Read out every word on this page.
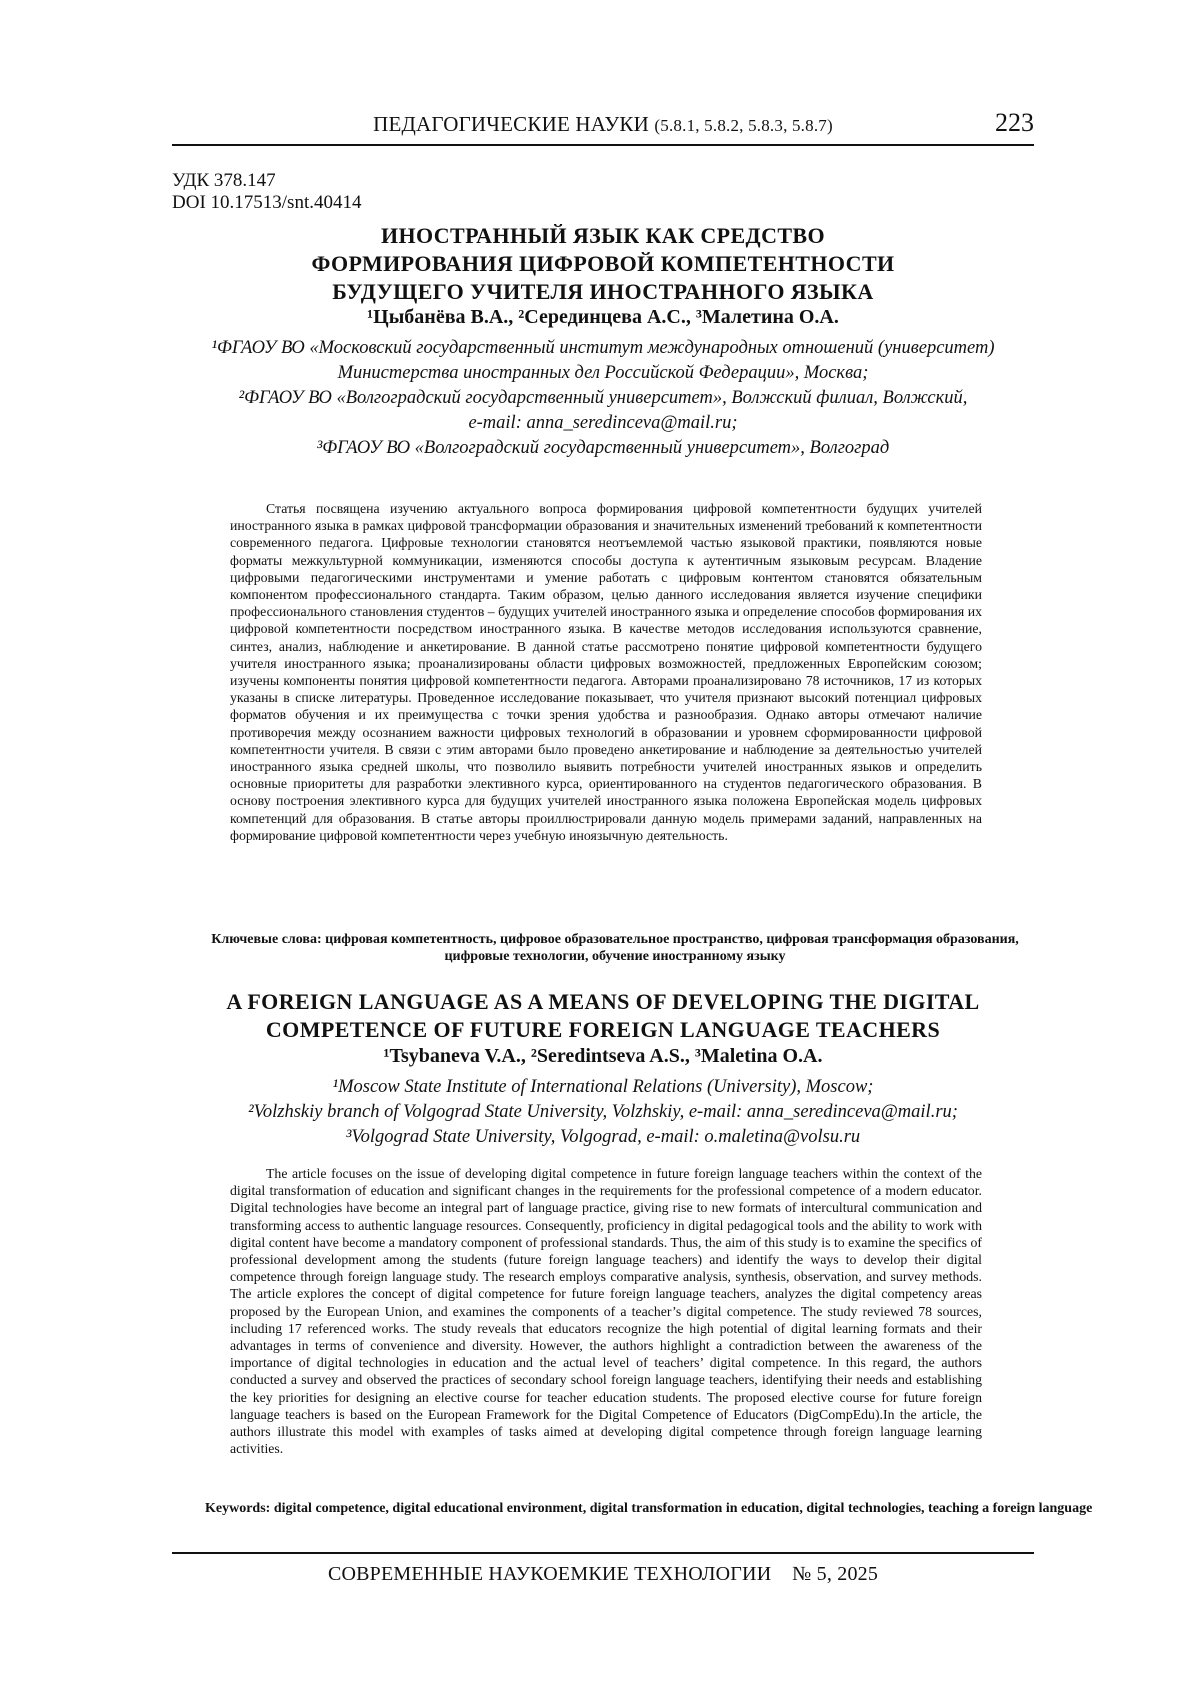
ПЕДАГОГИЧЕСКИЕ НАУКИ (5.8.1, 5.8.2, 5.8.3, 5.8.7)	223
УДК 378.147
DOI 10.17513/snt.40414
ИНОСТРАННЫЙ ЯЗЫК КАК СРЕДСТВО
ФОРМИРОВАНИЯ ЦИФРОВОЙ КОМПЕТЕНТНОСТИ
БУДУЩЕГО УЧИТЕЛЯ ИНОСТРАННОГО ЯЗЫКА
¹Цыбанёва В.А., ²Серединцева А.С., ³Малетина О.А.
¹ФГАОУ ВО «Московский государственный институт международных отношений (университет)
Министерства иностранных дел Российской Федерации», Москва;
²ФГАОУ ВО «Волгоградский государственный университет», Волжский филиал, Волжский,
e-mail: anna_seredinceva@mail.ru;
³ФГАОУ ВО «Волгоградский государственный университет», Волгоград

Статья посвящена изучению актуального вопроса формирования цифровой компетентности будущих учителей иностранного языка в рамках цифровой трансформации образования и значительных изменений требований к компетентности современного педагога. Цифровые технологии становятся неотъемлемой частью языковой практики, появляются новые форматы межкультурной коммуникации, изменяются способы доступа к аутентичным языковым ресурсам. Владение цифровыми педагогическими инструментами и умение работать с цифровым контентом становятся обязательным компонентом профессионального стандарта. Таким образом, целью данного исследования является изучение специфики профессионального становления студентов – будущих учителей иностранного языка и определение способов формирования их цифровой компетентности посредством иностранного языка. В качестве методов исследования используются сравнение, синтез, анализ, наблюдение и анкетирование. В данной статье рассмотрено понятие цифровой компетентности будущего учителя иностранного языка; проанализированы области цифровых возможностей, предложенных Европейским союзом; изучены компоненты понятия цифровой компетентности педагога. Авторами проанализировано 78 источников, 17 из которых указаны в списке литературы. Проведенное исследование показывает, что учителя признают высокий потенциал цифровых форматов обучения и их преимущества с точки зрения удобства и разнообразия. Однако авторы отмечают наличие противоречия между осознанием важности цифровых технологий в образовании и уровнем сформированности цифровой компетентности учителя. В связи с этим авторами было проведено анкетирование и наблюдение за деятельностью учителей иностранного языка средней школы, что позволило выявить потребности учителей иностранных языков и определить основные приоритеты для разработки элективного курса, ориентированного на студентов педагогического образования. В основу построения элективного курса для будущих учителей иностранного языка положена Европейская модель цифровых компетенций для образования. В статье авторы проиллюстрировали данную модель примерами заданий, направленных на формирование цифровой компетентности через учебную иноязычную деятельность.

Ключевые слова: цифровая компетентность, цифровое образовательное пространство, цифровая трансформация образования, цифровые технологии, обучение иностранному языку
A FOREIGN LANGUAGE AS A MEANS OF DEVELOPING THE DIGITAL
COMPETENCE OF FUTURE FOREIGN LANGUAGE TEACHERS
¹Tsybaneva V.A., ²Seredintseva A.S., ³Maletina O.A.
¹Moscow State Institute of International Relations (University), Moscow;
²Volzhskiy branch of Volgograd State University, Volzhskiy, e-mail: anna_seredinceva@mail.ru;
³Volgograd State University, Volgograd, e-mail: o.maletina@volsu.ru

The article focuses on the issue of developing digital competence in future foreign language teachers within the context of the digital transformation of education and significant changes in the requirements for the professional competence of a modern educator. Digital technologies have become an integral part of language practice, giving rise to new formats of intercultural communication and transforming access to authentic language resources. Consequently, proficiency in digital pedagogical tools and the ability to work with digital content have become a mandatory component of professional standards. Thus, the aim of this study is to examine the specifics of professional development among the students (future foreign language teachers) and identify the ways to develop their digital competence through foreign language study. The research employs comparative analysis, synthesis, observation, and survey methods. The article explores the concept of digital competence for future foreign language teachers, analyzes the digital competency areas proposed by the European Union, and examines the components of a teacher’s digital competence. The study reviewed 78 sources, including 17 referenced works. The study reveals that educators recognize the high potential of digital learning formats and their advantages in terms of convenience and diversity. However, the authors highlight a contradiction between the awareness of the importance of digital technologies in education and the actual level of teachers’ digital competence. In this regard, the authors conducted a survey and observed the practices of secondary school foreign language teachers, identifying their needs and establishing the key priorities for designing an elective course for teacher education students. The proposed elective course for future foreign language teachers is based on the European Framework for the Digital Competence of Educators (DigCompEdu).In the article, the authors illustrate this model with examples of tasks aimed at developing digital competence through foreign language learning activities.

Keywords: digital competence, digital educational environment, digital transformation in education, digital technologies, teaching a foreign language
СОВРЕМЕННЫЕ НАУКОЕМКИЕ ТЕХНОЛОГИИ № 5, 2025
